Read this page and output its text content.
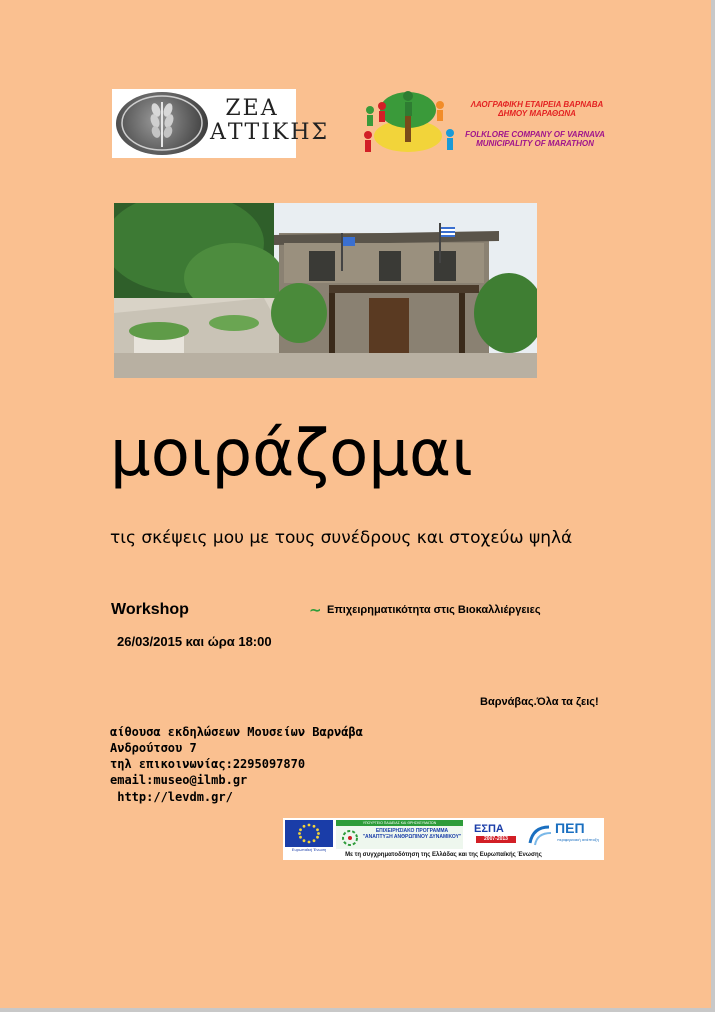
ΖΕΑ ΑΤΤΙΚΗΣ
ΛΑΟΓΡΑΦΙΚΗ ΕΤΑΙΡΕΙΑ ΒΑΡΝΑΒΑ ΔΗΜΟΥ ΜΑΡΑΘΩΝΑ
FOLKLORE COMPANY OF VARNAVA MUNICIPALITY OF MARATHON
μοιράζομαι
τις σκέψεις μου με τους συνέδρους και στοχεύω ψηλά
Workshop	∼ Επιχειρηματικότητα στις Βιοκαλλιέργειες
26/03/2015 και ώρα 18:00
Βαρνάβας.Όλα τα ζεις!
αίθουσα εκδηλώσεων Μουσείων Βαρνάβα
Ανδρούτσου 7
τηλ επικοινωνίας:2295097870
email:museo@ilmb.gr
http://levdm.gr/
Ευρωπαϊκή Ένωση
ΥΠΟΥΡΓΕΙΟ ΠΑΙΔΕΙΑΣ ΚΑΙ ΘΡΗΣΚΕΥΜΑΤΩΝ
ΕΠΙΧΕΙΡΗΣΙΑΚΟ ΠΡΟΓΡΑΜΜΑ "ΑΝΑΠΤΥΞΗ ΑΝΘΡΩΠΙΝΟΥ ΔΥΝΑΜΙΚΟΥ"
ΕΣΠΑ
2007-2013
ΠΕΠ
περιφερειακή ανάπτυξη
Με τη συγχρηματοδότηση της Ελλάδας και της Ευρωπαϊκής Ένωσης
